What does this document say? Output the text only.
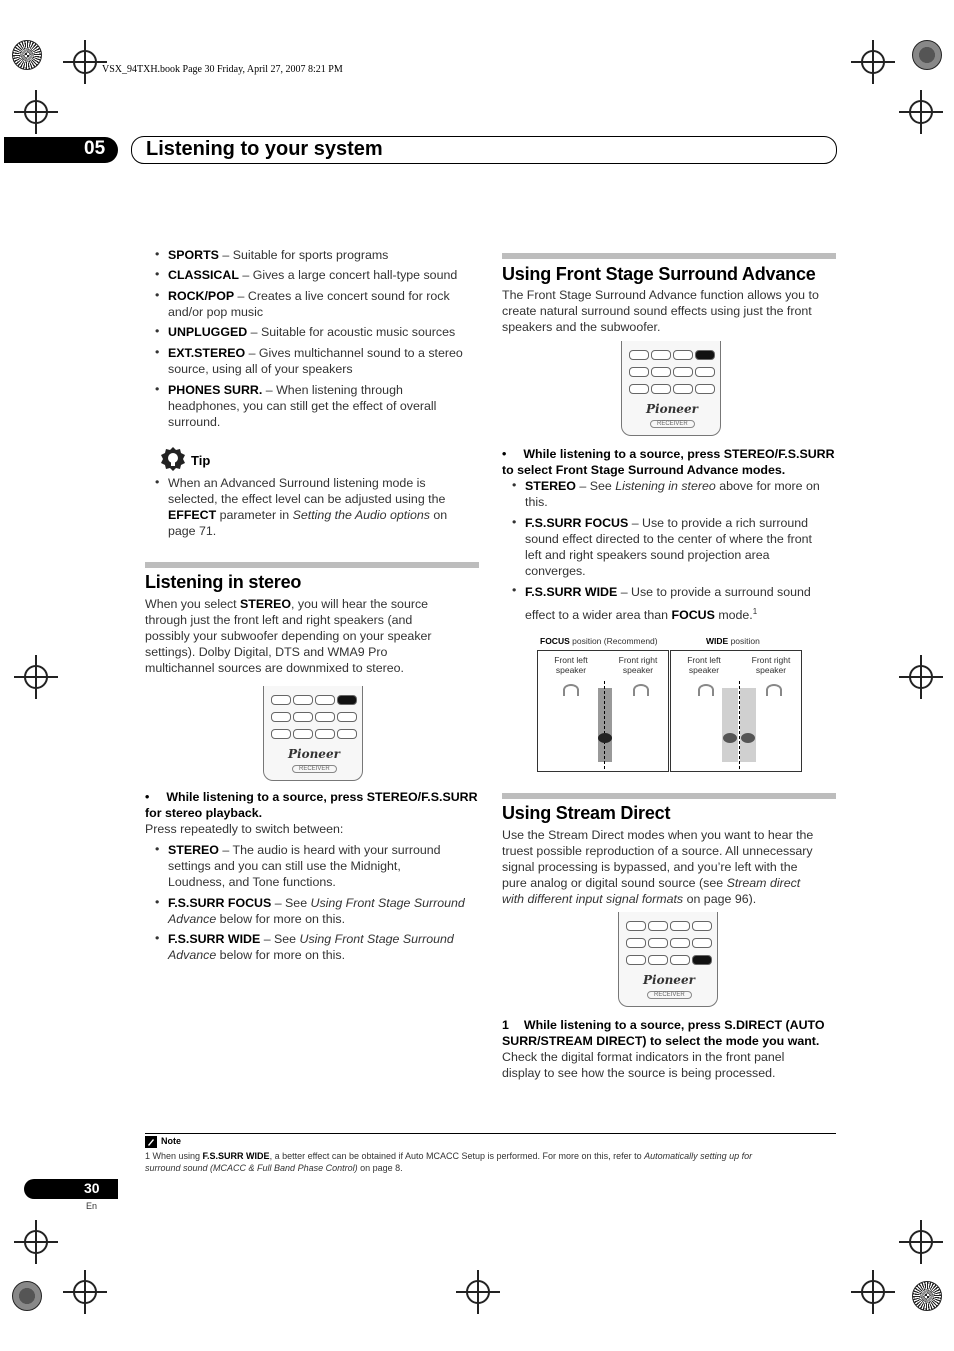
VSX_94TXH.book Page 30 Friday, April 27, 2007 8:21 PM
05 Listening to your system
• SPORTS – Suitable for sports programs
• CLASSICAL – Gives a large concert hall-type sound
• ROCK/POP – Creates a live concert sound for rock
and/or pop music
• UNPLUGGED – Suitable for acoustic music sources
• EXT.STEREO – Gives multichannel sound to a stereo
source, using all of your speakers
• PHONES SURR. – When listening through
headphones, you can still get the effect of overall
surround.
Tip
• When an Advanced Surround listening mode is
selected, the effect level can be adjusted using the
EFFECT parameter in Setting the Audio options on
page 71.
Listening in stereo
When you select STEREO, you will hear the source
through just the front left and right speakers (and
possibly your subwoofer depending on your speaker
settings). Dolby Digital, DTS and WMA9 Pro
multichannel sources are downmixed to stereo.
Pioneer
RECEIVER
• While listening to a source, press STEREO/F.S.SURR
for stereo playback.
Press repeatedly to switch between:
• STEREO – The audio is heard with your surround
settings and you can still use the Midnight,
Loudness, and Tone functions.
• F.S.SURR FOCUS – See Using Front Stage Surround
Advance below for more on this.
• F.S.SURR WIDE – See Using Front Stage Surround
Advance below for more on this.
Using Front Stage Surround Advance
The Front Stage Surround Advance function allows you to
create natural surround sound effects using just the front
speakers and the subwoofer.
Pioneer
RECEIVER
• While listening to a source, press STEREO/F.S.SURR
to select Front Stage Surround Advance modes.
• STEREO – See Listening in stereo above for more on
this.
• F.S.SURR FOCUS – Use to provide a rich surround
sound effect directed to the center of where the front
left and right speakers sound projection area
converges.
• F.S.SURR WIDE – Use to provide a surround sound
effect to a wider area than FOCUS mode.$^1$
FOCUS position (Recommend)	WIDE position
Front left
speaker
Front right
speaker
Front left
speaker
Front right
speaker
Using Stream Direct
Use the Stream Direct modes when you want to hear the
truest possible reproduction of a source. All unnecessary
signal processing is bypassed, and you’re left with the
pure analog or digital sound source (see Stream direct
with different input signal formats on page 96).
Pioneer
RECEIVER
1 While listening to a source, press S.DIRECT (AUTO
SURR/STREAM DIRECT) to select the mode you want.
Check the digital format indicators in the front panel
display to see how the source is being processed.
Note
1 When using F.S.SURR WIDE, a better effect can be obtained if Auto MCACC Setup is performed. For more on this, refer to Automatically setting up for
surround sound (MCACC & Full Band Phase Control) on page 8.
30
En
